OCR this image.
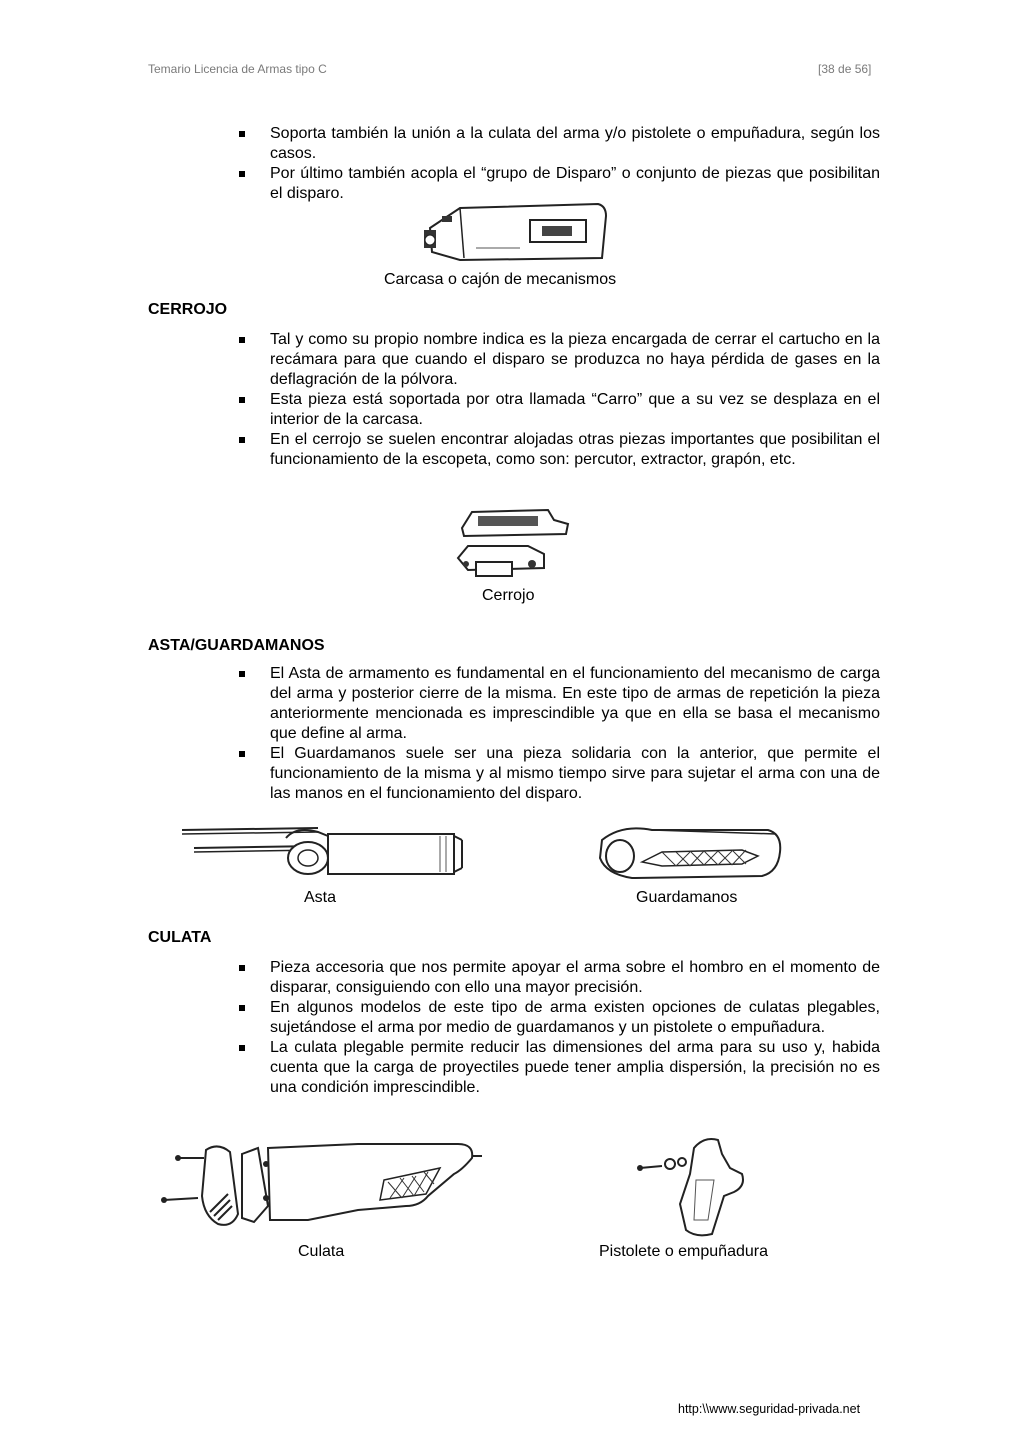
Temario Licencia de Armas tipo C	[38 de 56]
Soporta también la unión a la culata del arma y/o pistolete o empuñadura, según los casos.
Por último también acopla el “grupo de Disparo” o conjunto de piezas que posibilitan el disparo.
Carcasa o cajón de mecanismos
CERROJO
Tal y como su propio nombre indica es la pieza encargada de cerrar el cartucho en la recámara para que cuando el disparo se produzca no haya pérdida de gases en la deflagración de la pólvora.
Esta pieza está soportada por otra llamada “Carro” que a su vez se desplaza en el interior de la carcasa.
En el cerrojo se suelen encontrar alojadas otras piezas importantes que posibilitan el funcionamiento de la escopeta, como son: percutor, extractor, grapón, etc.
Cerrojo
ASTA/GUARDAMANOS
El Asta de armamento es fundamental en el funcionamiento del mecanismo de carga del arma y posterior cierre de la misma. En este tipo de armas de repetición la pieza anteriormente mencionada es imprescindible ya que en ella se basa el mecanismo que define al arma.
El Guardamanos suele ser una pieza solidaria con la anterior, que permite el funcionamiento de la misma y al mismo tiempo sirve para sujetar el arma con una de las manos en el funcionamiento del disparo.
Asta	Guardamanos
CULATA
Pieza accesoria que nos permite apoyar el arma sobre el hombro en el momento de disparar, consiguiendo con ello una mayor precisión.
En algunos modelos de este tipo de arma existen opciones de culatas plegables, sujetándose el arma por medio de guardamanos y un pistolete o empuñadura.
La culata plegable permite reducir las dimensiones del arma para su uso y, habida cuenta que la carga de proyectiles puede tener amplia dispersión, la precisión no es una condición imprescindible.
Culata	Pistolete o empuñadura
http:\\www.seguridad-privada.net
